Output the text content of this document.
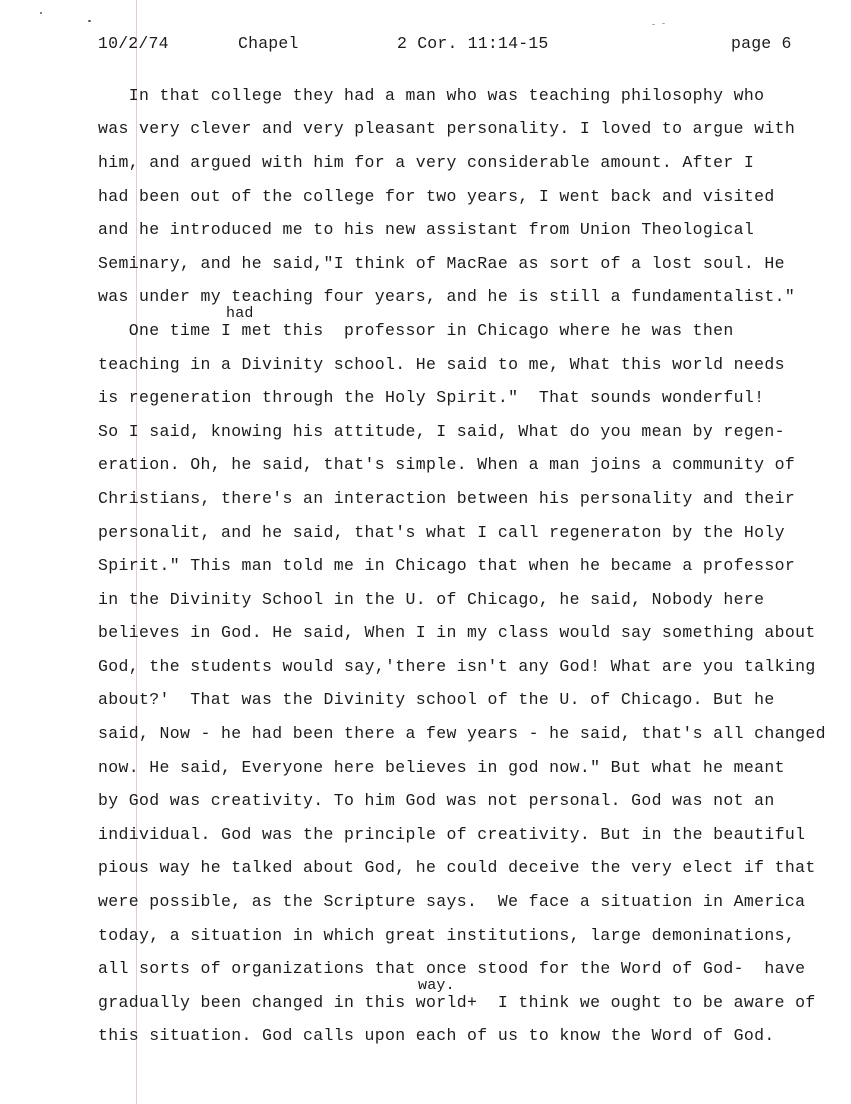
10/2/74	Chapel	2 Cor. 11:14-15	page 6
had
way.
In that college they had a man who was teaching philosophy who
was very clever and very pleasant personality. I loved to argue with
him, and argued with him for a very considerable amount. After I
had been out of the college for two years, I went back and visited
and he introduced me to his new assistant from Union Theological
Seminary, and he said,"I think of MacRae as sort of a lost soul. He
was under my teaching four years, and he is still a fundamentalist."
One time I met this  professor in Chicago where he was then
teaching in a Divinity school. He said to me, What this world needs
is regeneration through the Holy Spirit."  That sounds wonderful!
So I said, knowing his attitude, I said, What do you mean by regen-
eration. Oh, he said, that's simple. When a man joins a community of
Christians, there's an interaction between his personality and their
personalit, and he said, that's what I call regeneraton by the Holy
Spirit." This man told me in Chicago that when he became a professor
in the Divinity School in the U. of Chicago, he said, Nobody here
believes in God. He said, When I in my class would say something about
God, the students would say,'there isn't any God! What are you talking
about?'  That was the Divinity school of the U. of Chicago. But he
said, Now - he had been there a few years - he said, that's all changed
now. He said, Everyone here believes in god now." But what he meant
by God was creativity. To him God was not personal. God was not an
individual. God was the principle of creativity. But in the beautiful
pious way he talked about God, he could deceive the very elect if that
were possible, as the Scripture says.  We face a situation in America
today, a situation in which great institutions, large demoninations,
all sorts of organizations that once stood for the Word of God-  have
gradually been changed in this world+  I think we ought to be aware of
this situation. God calls upon each of us to know the Word of God.
